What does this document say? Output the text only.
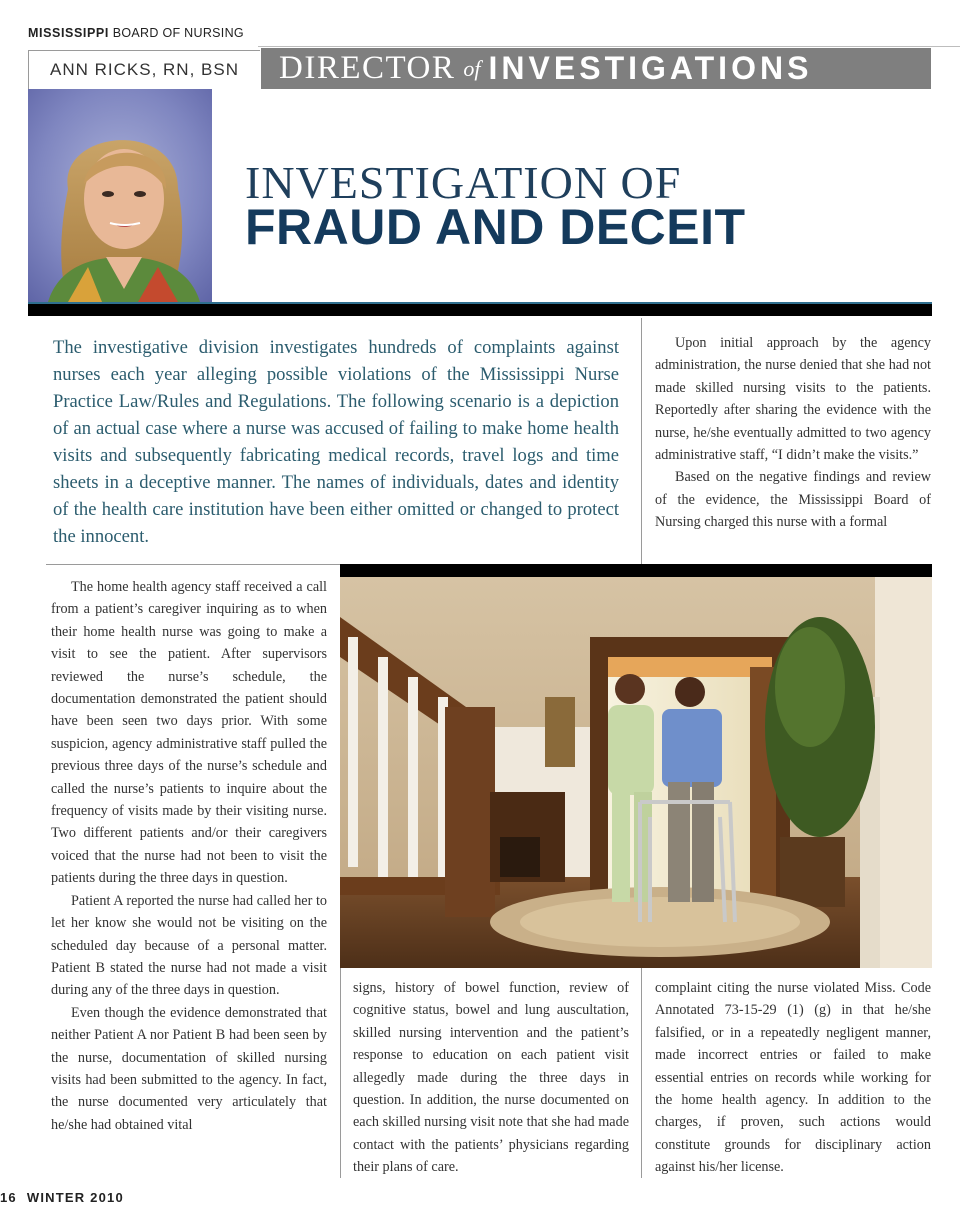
MISSISSIPPI BOARD OF NURSING
ANN RICKS, RN, BSN	DIRECTOR of INVESTIGATIONS
INVESTIGATION OF
FRAUD AND DECEIT
The investigative division investigates hundreds of complaints against nurses each year alleging possible violations of the Mississippi Nurse Practice Law/Rules and Regulations. The following scenario is a depiction of an actual case where a nurse was accused of failing to make home health visits and subsequently fabricating medical records, travel logs and time sheets in a deceptive manner. The names of individuals, dates and identity of the health care institution have been either omitted or changed to protect the innocent.

Upon initial approach by the agency administration, the nurse denied that she had not made skilled nursing visits to the patients. Reportedly after sharing the evidence with the nurse, he/she eventually admitted to two agency administrative staff, “I didn’t make the visits.”

Based on the negative findings and review of the evidence, the Mississippi Board of Nursing charged this nurse with a formal

The home health agency staff received a call from a patient’s caregiver inquiring as to when their home health nurse was going to make a visit to see the patient. After supervisors reviewed the nurse’s schedule, the documentation demonstrated the patient should have been seen two days prior. With some suspicion, agency administrative staff pulled the previous three days of the nurse’s schedule and called the nurse’s patients to inquire about the frequency of visits made by their visiting nurse. Two different patients and/or their caregivers voiced that the nurse had not been to visit the patients during the three days in question.

Patient A reported the nurse had called her to let her know she would not be visiting on the scheduled day because of a personal matter. Patient B stated the nurse had not made a visit during any of the three days in question.

Even though the evidence demonstrated that neither Patient A nor Patient B had been seen by the nurse, documentation of skilled nursing visits had been submitted to the agency. In fact, the nurse documented very articulately that he/she had obtained vital

signs, history of bowel function, review of cognitive status, bowel and lung auscultation, skilled nursing intervention and the patient’s response to education on each patient visit allegedly made during the three days in question. In addition, the nurse documented on each skilled nursing visit note that she had made contact with the patients’ physicians regarding their plans of care.

complaint citing the nurse violated Miss. Code Annotated 73-15-29 (1) (g) in that he/she falsified, or in a repeatedly negligent manner, made incorrect entries or failed to make essential entries on records while working for the home health agency. In addition to the charges, if proven, such actions would constitute grounds for disciplinary action against his/her license.

16 WINTER 2010
